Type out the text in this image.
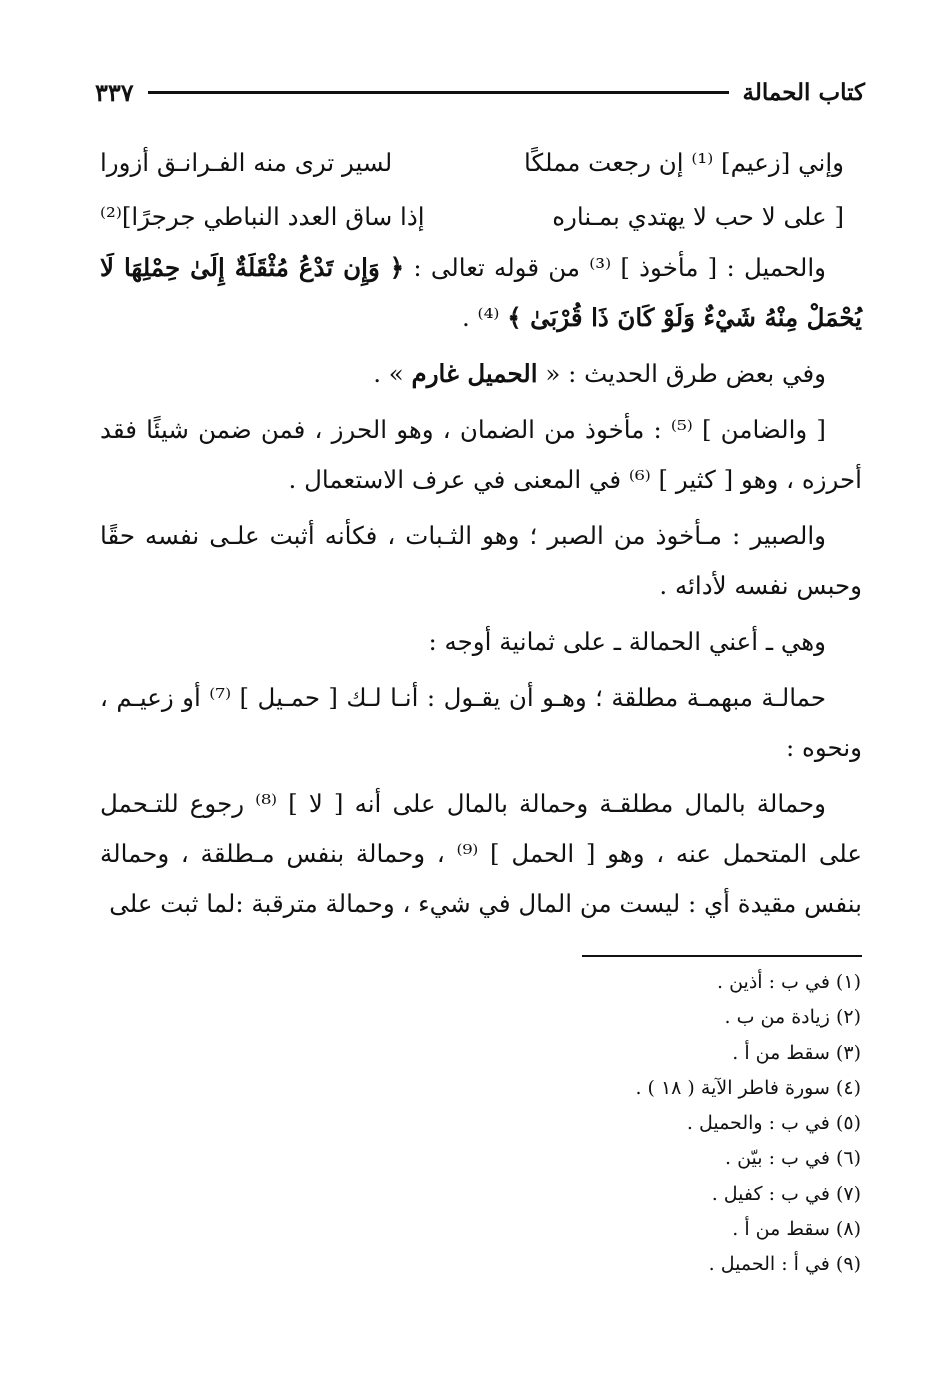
كتاب الحمالة
٣٣٧
وإني [زعيم] ⁽¹⁾ إن رجعت مملكًا
لسير ترى منه الفـرانـق أزورا
[ على لا حب لا يهتدي بمـناره
إذا ساق العدد النباطي جرجرًا]⁽²⁾

والحميل : [ مأخوذ ] ⁽³⁾ من قوله تعالى : ﴿ وَإِن تَدْعُ مُثْقَلَةٌ إِلَىٰ حِمْلِهَا لَا يُحْمَلْ مِنْهُ شَيْءٌ وَلَوْ كَانَ ذَا قُرْبَىٰ ﴾ ⁽⁴⁾ .

وفي بعض طرق الحديث : « الحميل غارم » .

[ والضامن ] ⁽⁵⁾ : مأخوذ من الضمان ، وهو الحرز ، فمن ضمن شيئًا فقد أحرزه ، وهو [ كثير ] ⁽⁶⁾ في المعنى في عرف الاستعمال .

والصبير : مـأخوذ من الصبر ؛ وهو الثـبات ، فكأنه أثبت علـى نفسه حقًا وحبس نفسه لأدائه .

وهي ـ أعني الحمالة ـ على ثمانية أوجه :

حمالـة مبهمـة مطلقة ؛ وهـو أن يقـول : أنـا لـك [ حمـيل ] ⁽⁷⁾ أو زعيـم ، ونحوه :

وحمالة بالمال مطلقـة وحمالة بالمال على أنه [ لا ] ⁽⁸⁾ رجوع للتـحمل على المتحمل عنه ، وهو [ الحمل ] ⁽⁹⁾ ، وحمالة بنفس مـطلقة ، وحمالة بنفس مقيدة أي : ليست من المال في شيء ، وحمالة مترقبة :لما ثبت على

(١) في ب : أذين .
(٢) زيادة من ب .
(٣) سقط من أ .
(٤) سورة فاطر الآية ( ١٨ ) .
(٥) في ب : والحميل .
(٦) في ب : بيّن .
(٧) في ب : كفيل .
(٨) سقط من أ .
(٩) في أ : الحميل .
